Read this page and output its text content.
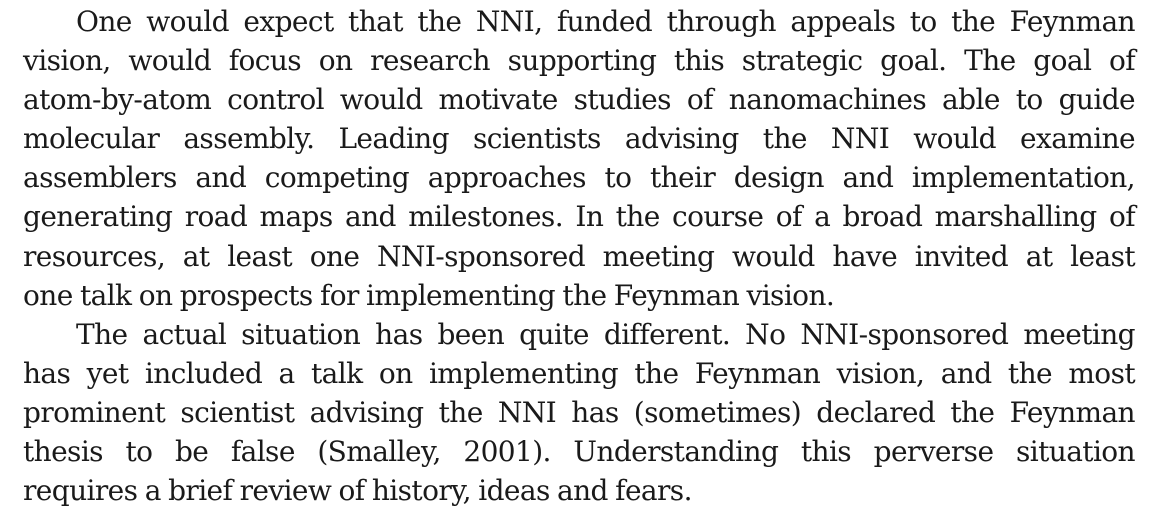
One would expect that the NNI, funded through appeals to the Feynman
vision, would focus on research supporting this strategic goal. The goal of
atom-by-atom control would motivate studies of nanomachines able to guide
molecular assembly. Leading scientists advising the NNI would examine
assemblers and competing approaches to their design and implementation,
generating road maps and milestones. In the course of a broad marshalling of
resources, at least one NNI-sponsored meeting would have invited at least
one talk on prospects for implementing the Feynman vision.
The actual situation has been quite different. No NNI-sponsored meeting
has yet included a talk on implementing the Feynman vision, and the most
prominent scientist advising the NNI has (sometimes) declared the Feynman
thesis to be false (Smalley, 2001). Understanding this perverse situation
requires a brief review of history, ideas and fears.
